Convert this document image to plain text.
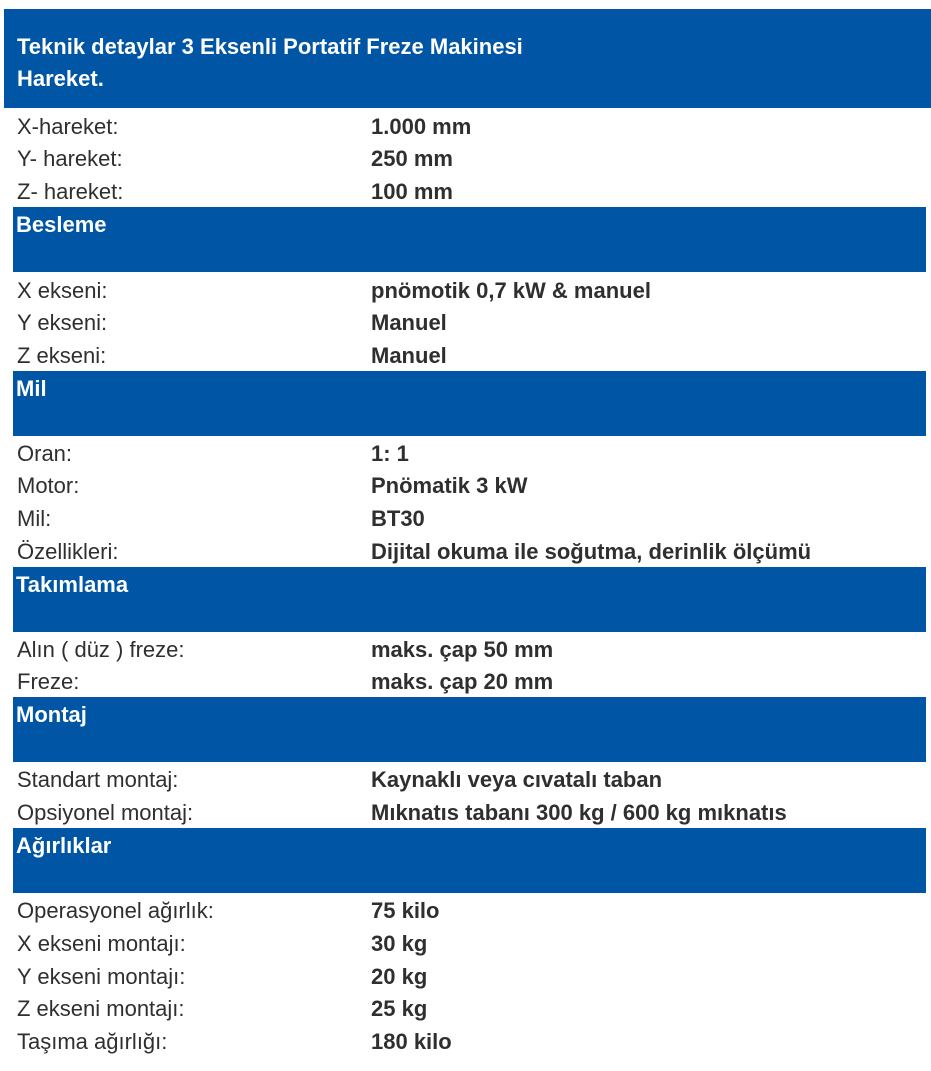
Teknik detaylar 3 Eksenli Portatif Freze Makinesi
Hareket.
X-hareket:	1.000 mm
Y- hareket:	250 mm
Z- hareket:	100 mm
Besleme
X ekseni:	pnömotik 0,7 kW & manuel
Y ekseni:	Manuel
Z ekseni:	Manuel
Mil
Oran:	1: 1
Motor:	Pnömatik 3 kW
Mil:	BT30
Özellikleri:	Dijital okuma ile soğutma, derinlik ölçümü
Takımlama
Alın ( düz ) freze:	maks. çap 50 mm
Freze:	maks. çap 20 mm
Montaj
Standart montaj:	Kaynaklı veya cıvatalı taban
Opsiyonel montaj:	Mıknatıs tabanı 300 kg / 600 kg mıknatıs
Ağırlıklar
Operasyonel ağırlık:	75 kilo
X ekseni montajı:	30 kg
Y ekseni montajı:	20 kg
Z ekseni montajı:	25 kg
Taşıma ağırlığı:	180 kilo
